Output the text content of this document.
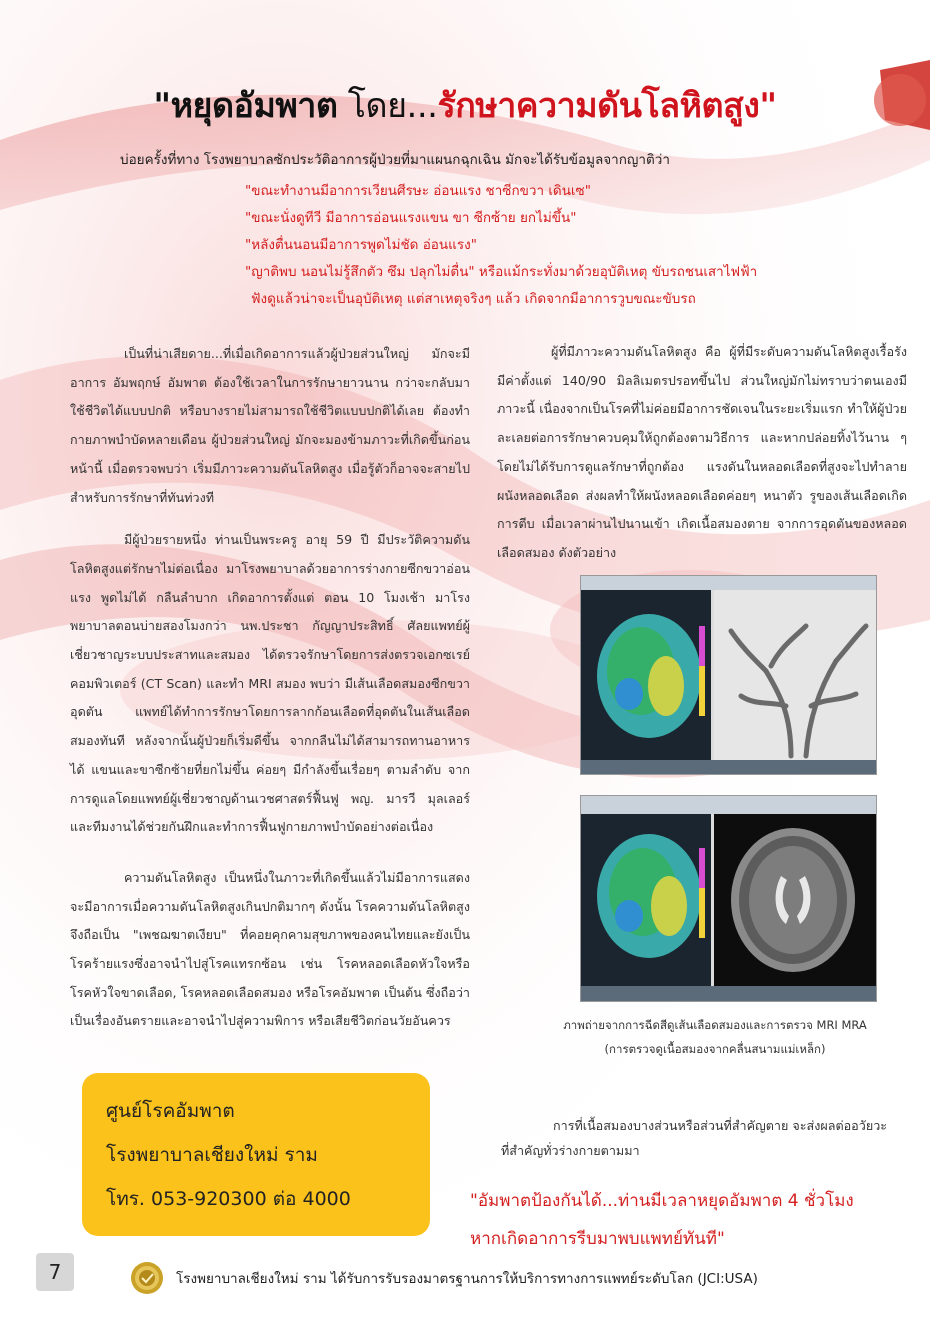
"หยุดอัมพาต โดย...รักษาความดันโลหิตสูง"
บ่อยครั้งที่ทาง โรงพยาบาลซักประวัติอาการผู้ป่วยที่มาแผนกฉุกเฉิน มักจะได้รับข้อมูลจากญาติว่า
"ขณะทำงานมีอาการเวียนศีรษะ อ่อนแรง ชาซีกขวา เดินเซ"
"ขณะนั่งดูทีวี มีอาการอ่อนแรงแขน ขา ซีกซ้าย ยกไม่ขึ้น"
"หลังตื่นนอนมีอาการพูดไม่ชัด อ่อนแรง"
"ญาติพบ นอนไม่รู้สึกตัว ซึม ปลุกไม่ตื่น" หรือแม้กระทั่งมาด้วยอุบัติเหตุ ขับรถชนเสาไฟฟ้า
ฟังดูแล้วน่าจะเป็นอุบัติเหตุ แต่สาเหตุจริงๆ แล้ว เกิดจากมีอาการวูบขณะขับรถ

เป็นที่น่าเสียดาย...ที่เมื่อเกิดอาการแล้วผู้ป่วยส่วนใหญ่ มักจะมีอาการ อัมพฤกษ์ อัมพาต ต้องใช้เวลาในการรักษายาวนาน กว่าจะกลับมาใช้ชีวิตได้แบบปกติ หรือบางรายไม่สามารถใช้ชีวิตแบบปกติได้เลย ต้องทำกายภาพบำบัดหลายเดือน ผู้ป่วยส่วนใหญ่ มักจะมองข้ามภาวะที่เกิดขึ้นก่อนหน้านี้ เมื่อตรวจพบว่า เริ่มมีภาวะความดันโลหิตสูง เมื่อรู้ตัวก็อาจจะสายไปสำหรับการรักษาที่ทันท่วงที

มีผู้ป่วยรายหนึ่ง ท่านเป็นพระครู อายุ 59 ปี มีประวัติความดันโลหิตสูงแต่รักษาไม่ต่อเนื่อง มาโรงพยาบาลด้วยอาการร่างกายซีกขวาอ่อนแรง พูดไม่ได้ กลืนลำบาก เกิดอาการตั้งแต่ ตอน 10 โมงเช้า มาโรงพยาบาลตอนบ่ายสองโมงกว่า นพ.ประชา กัญญาประสิทธิ์ ศัลยแพทย์ผู้เชี่ยวชาญระบบประสาทและสมอง ได้ตรวจรักษาโดยการส่งตรวจเอกซเรย์คอมพิวเตอร์ (CT Scan) และทำ MRI สมอง พบว่า มีเส้นเลือดสมองซีกขวาอุดตัน แพทย์ได้ทำการรักษาโดยการลากก้อนเลือดที่อุดตันในเส้นเลือดสมองทันที หลังจากนั้นผู้ป่วยก็เริ่มดีขึ้น จากกลืนไม่ได้สามารถทานอาหารได้ แขนและขาซีกซ้ายที่ยกไม่ขึ้น ค่อยๆ มีกำลังขึ้นเรื่อยๆ ตามลำดับ จากการดูแลโดยแพทย์ผู้เชี่ยวชาญด้านเวชศาสตร์ฟื้นฟู พญ. มารวี มุลเลอร์ และทีมงานได้ช่วยกันฝึกและทำการฟื้นฟูกายภาพบำบัดอย่างต่อเนื่อง

ความดันโลหิตสูง เป็นหนึ่งในภาวะที่เกิดขึ้นแล้วไม่มีอาการแสดง จะมีอาการเมื่อความดันโลหิตสูงเกินปกติมากๆ ดังนั้น โรคความดันโลหิตสูง จึงถือเป็น "เพชฌฆาตเงียบ" ที่คอยคุกคามสุขภาพของคนไทยและยังเป็นโรคร้ายแรงซึ่งอาจนำไปสู่โรคแทรกซ้อน เช่น โรคหลอดเลือดหัวใจหรือโรคหัวใจขาดเลือด, โรคหลอดเลือดสมอง หรือโรคอัมพาต เป็นต้น ซึ่งถือว่าเป็นเรื่องอันตรายและอาจนำไปสู่ความพิการ หรือเสียชีวิตก่อนวัยอันควร

ผู้ที่มีภาวะความดันโลหิตสูง คือ ผู้ที่มีระดับความดันโลหิตสูงเรื้อรัง มีค่าตั้งแต่ 140/90 มิลลิเมตรปรอทขึ้นไป ส่วนใหญ่มักไม่ทราบว่าตนเองมีภาวะนี้ เนื่องจากเป็นโรคที่ไม่ค่อยมีอาการชัดเจนในระยะเริ่มแรก ทำให้ผู้ป่วยละเลยต่อการรักษาควบคุมให้ถูกต้องตามวิธีการ และหากปล่อยทิ้งไว้นาน ๆ โดยไม่ได้รับการดูแลรักษาที่ถูกต้อง แรงดันในหลอดเลือดที่สูงจะไปทำลายผนังหลอดเลือด ส่งผลทำให้ผนังหลอดเลือดค่อยๆ หนาตัว รูของเส้นเลือดเกิดการตีบ เมื่อเวลาผ่านไปนานเข้า เกิดเนื้อสมองตาย จากการอุดตันของหลอดเลือดสมอง ดังตัวอย่าง

ภาพถ่ายจากการฉีดสีดูเส้นเลือดสมองและการตรวจ MRI MRA
(การตรวจดูเนื้อสมองจากคลื่นสนามแม่เหล็ก)
ศูนย์โรคอัมพาต
โรงพยาบาลเชียงใหม่ ราม
โทร. 053-920300 ต่อ 4000

การที่เนื้อสมองบางส่วนหรือส่วนที่สำคัญตาย จะส่งผลต่ออวัยวะ

ที่สำคัญทั่วร่างกายตามมา

"อัมพาตป้องกันได้...ท่านมีเวลาหยุดอัมพาต 4 ชั่วโมง
หากเกิดอาการรีบมาพบแพทย์ทันที"
7	โรงพยาบาลเชียงใหม่ ราม ได้รับการรับรองมาตรฐานการให้บริการทางการแพทย์ระดับโลก (JCI:USA)
